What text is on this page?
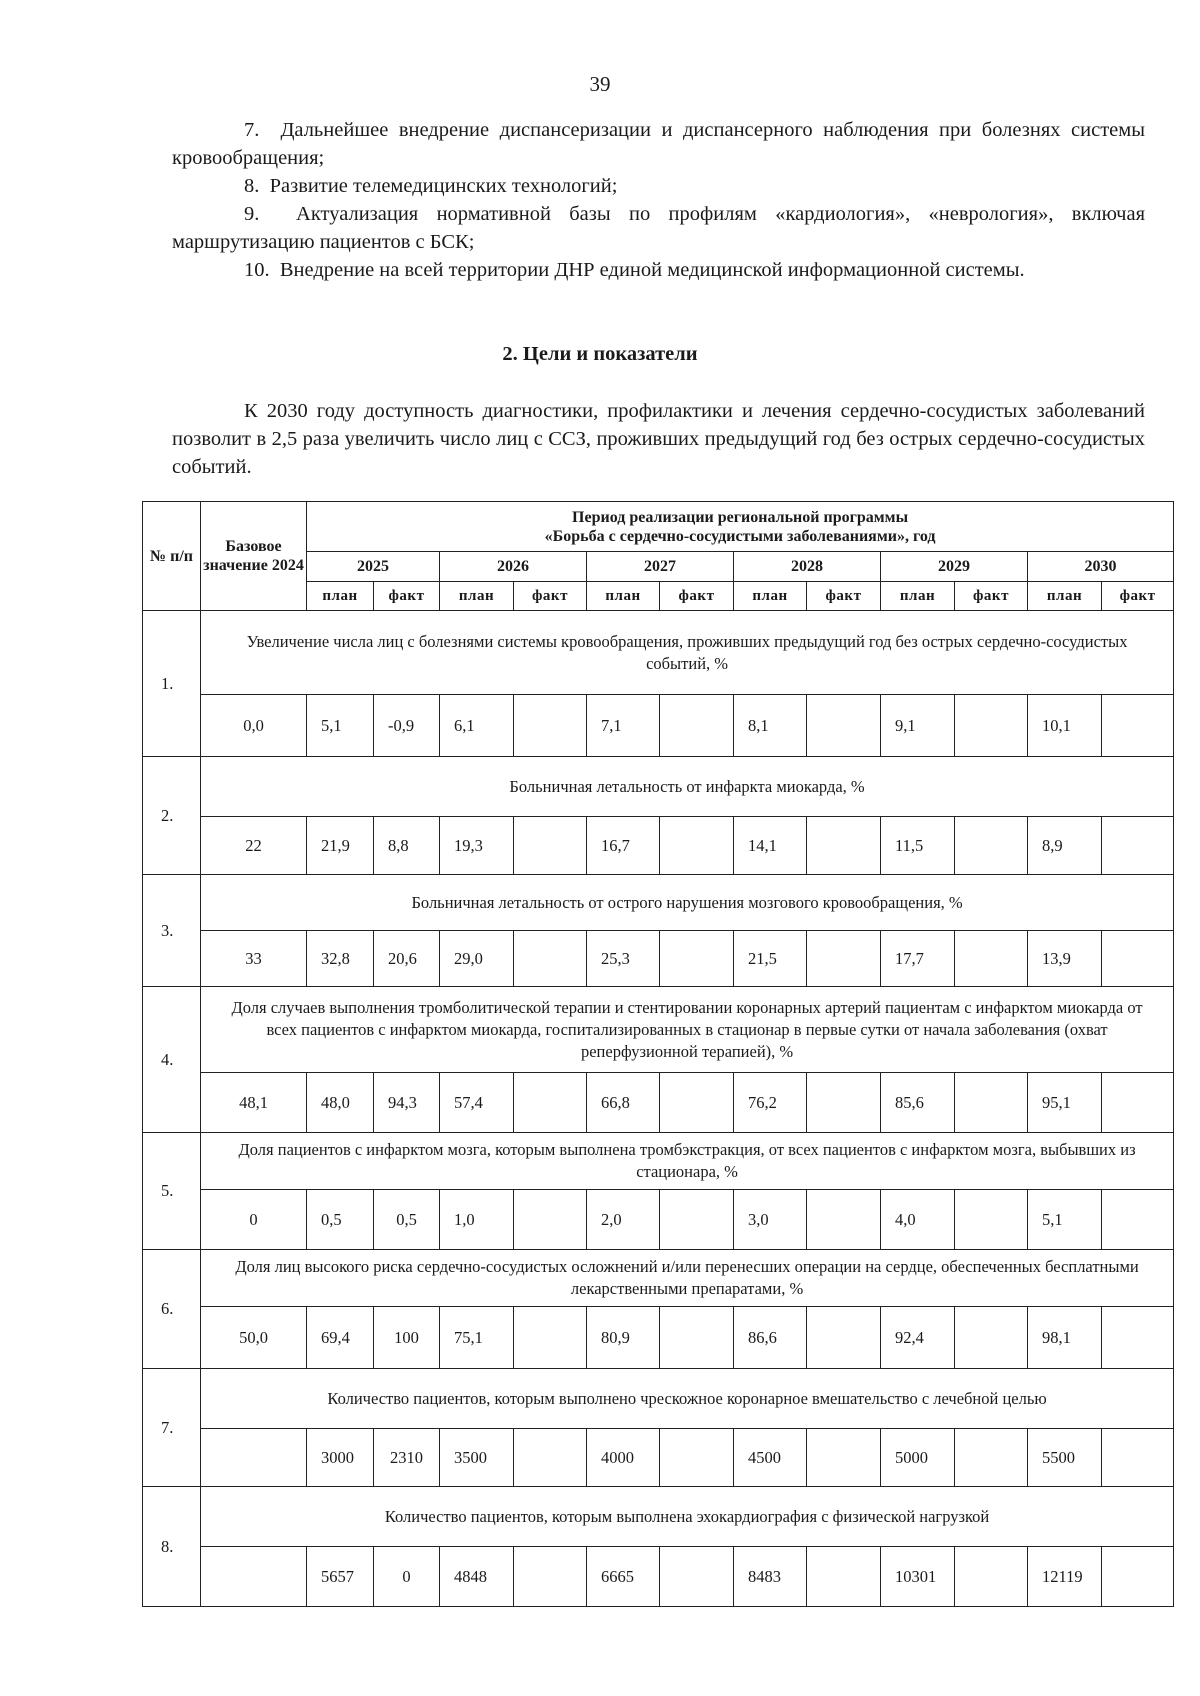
39

7. Дальнейшее внедрение диспансеризации и диспансерного наблюдения при болезнях системы кровообращения;

8. Развитие телемедицинских технологий;

9. Актуализация нормативной базы по профилям «кардиология», «неврология», включая маршрутизацию пациентов с БСК;

10. Внедрение на всей территории ДНР единой медицинской информационной системы.

2. Цели и показатели

К 2030 году доступность диагностики, профилактики и лечения сердечно-сосудистых заболеваний позволит в 2,5 раза увеличить число лиц с ССЗ, проживших предыдущий год без острых сердечно-сосудистых событий.

№ п/п	Базовое значение 2024	Период реализации региональной программы
«Борьба с сердечно-сосудистыми заболеваниями», год											

		2025		2026		2027		2028		2029		2030	
		план	факт	план	факт	план	факт	план	факт	план	факт	план	факт
1.	Увеличение числа лиц с болезнями системы кровообращения, проживших предыдущий год без острых сердечно-сосудистых событий, %												
	0,0	5,1	-0,9	6,1		7,1		8,1		9,1		10,1	
2.	Больничная летальность от инфаркта миокарда, %												
	22	21,9	8,8	19,3		16,7		14,1		11,5		8,9	
3.	Больничная летальность от острого нарушения мозгового кровообращения, %												
	33	32,8	20,6	29,0		25,3		21,5		17,7		13,9	
4.	Доля случаев выполнения тромболитической терапии и стентировании коронарных артерий пациентам с инфарктом миокарда от всех пациентов с инфарктом миокарда, госпитализированных в стационар в первые сутки от начала заболевания (охват реперфузионной терапией), %												
	48,1	48,0	94,3	57,4		66,8		76,2		85,6		95,1	
5.	Доля пациентов с инфарктом мозга, которым выполнена тромбэкстракция, от всех пациентов с инфарктом мозга, выбывших из стационара, %												
	0	0,5	0,5	1,0		2,0		3,0		4,0		5,1	
6.	Доля лиц высокого риска сердечно-сосудистых осложнений и/или перенесших операции на сердце, обеспеченных бесплатными лекарственными препаратами, %												
	50,0	69,4	100	75,1		80,9		86,6		92,4		98,1	
7.	Количество пациентов, которым выполнено чрескожное коронарное вмешательство с лечебной целью												
		3000	2310	3500		4000		4500		5000		5500	
8.	Количество пациентов, которым выполнена эхокардиография с физической нагрузкой												
		5657	0	4848		6665		8483		10301		12119	
